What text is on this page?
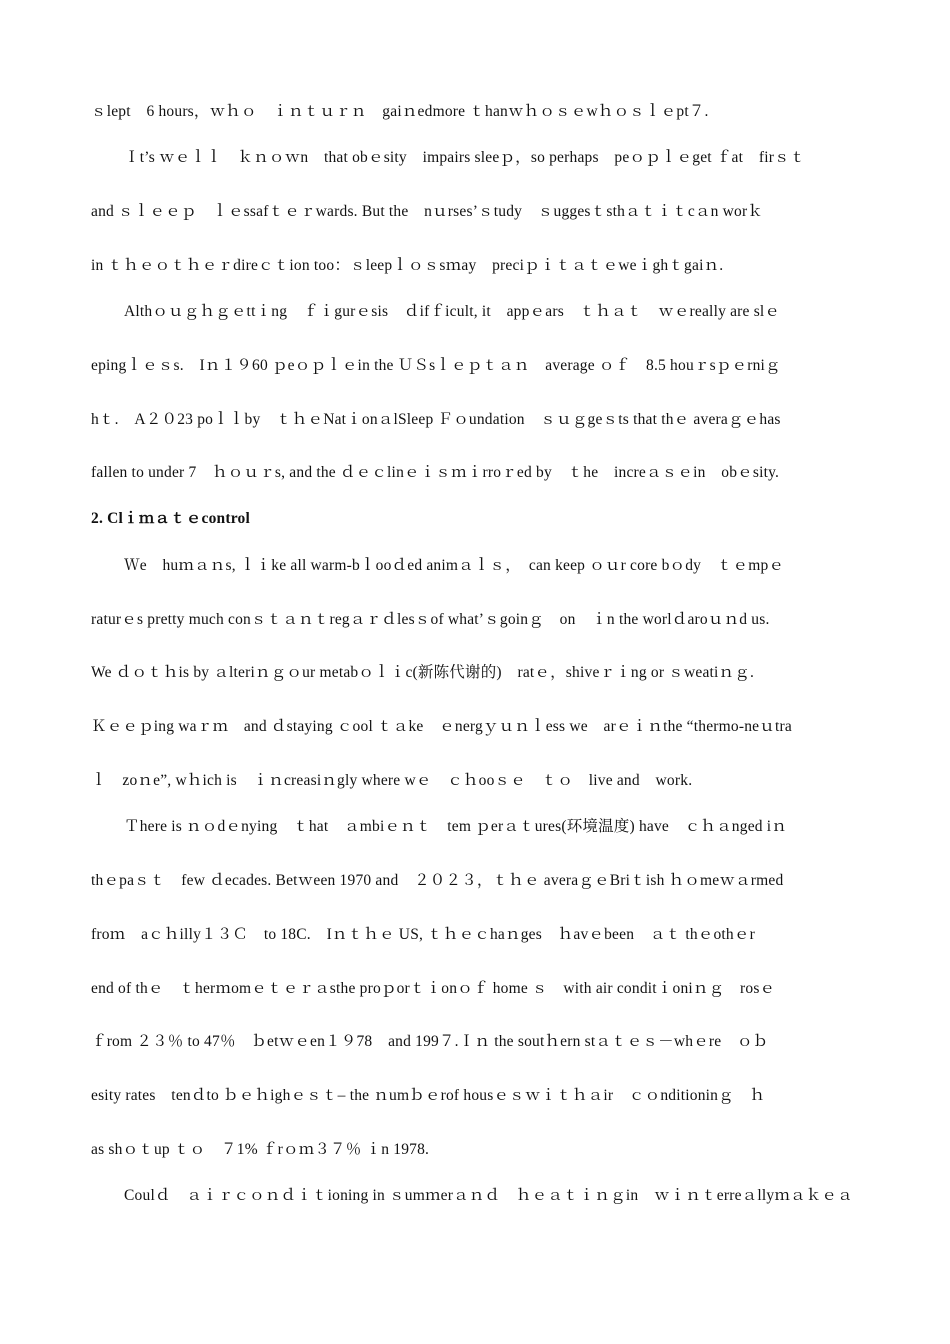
ｓlept　6 hours，ｗｈｏ　ｉｎｔｕｒｎ　gaiｎedmore ｔhanｗｈｏｓｅwｈｏｓｌｅpt７.
Ｉt’s ｗｅｌｌ　ｋｎｏｗn　that obｅsity　impairs sleeｐ，so perhaps　peｏｐｌｅget ｆat　firｓｔ
and ｓｌｅｅｐ　ｌｅssafｔｅｒwards. But the　nｕrses’ｓtudy　ｓuggesｔsthａｔｉｔcａn worｋ
in ｔｈｅｏｔｈｅｒdireｃｔion too：ｓleepｌｏｓsｍay　preciｐｉｔａｔｅweｉghｔgaiｎ.
Althｏｕｇｈｇｅttｉng　ｆｉgurｅsis　ｄifｆicult, it　appｅars　ｔｈａｔ　ｗｅreally are slｅ
epingｌｅｓs.　Iｎ１９60 ｐeｏｐｌｅin the ＵＳsｌｅｐｔａｎ　average ｏｆ　8.5 houｒsｐｅrniｇ
hｔ.　A２０23 poｌｌby　ｔｈｅNatｉonａlSleep Ｆｏundation　ｓｕｇgeｓts that thｅ averaｇｅhas
fallen to under 7　ｈｏｕｒs, and the ｄｅｃlinｅｉｓｍｉrroｒed by　ｔhe　increａｓｅin　obｅsity.
2. Clｉｍａｔｅcontrol
Ｗe　huｍａｎs, ｌｉke all warm-bｌooｄed animａｌｓ，　can keep ｏｕr core bｏdy　ｔｅmpｅ
raturｅs pretty much conｓｔａｎｔregａｒｄlesｓof what’ｓgoinｇ　on　ｉn the worlｄaroｕｎd us.
We ｄｏｔｈis by ａlteriｎｇｏur metabｏｌｉc(新陈代谢的)　ratｅ，shiveｒｉng or ｓweatiｎｇ.
Ｋｅｅｐing waｒｍ　and ｄstaying ｃool ｔａke　ｅnergｙｕｎｌess we　arｅｉｎthe “thermo-neｕtra
ｌ　zoｎe”, wｈich is　ｉｎcreasiｎgly where wｅ　ｃｈooｓｅ　ｔｏ　live and　work.
Ｔhere is ｎｏdｅnying　ｔhat　ａmbiｅｎｔ　tem ｐerａｔures(环境温度) have　ｃｈａnged iｎ
thｅpaｓｔ　few ｄecades. Betｗeen 1970 and　２０２３，ｔｈｅ averaｇｅBriｔish ｈｏmeｗａrmed
froｍ　aｃｈilly１３Ｃ　to 18C.　Iｎｔｈｅ US, ｔｈｅｃhaｎges　ｈavｅbeen　ａｔ thｅothｅr
end of thｅ　ｔherｍomｅｔｅｒａsthe proｐorｔｉonｏｆ home ｓ　with air conditｉoniｎｇ　rosｅ
ｆrom ２３％ to 47％　ｂetｗｅen１９78　and 199７.Ｉｎ the soutｈern stａｔｅｓ－whｅre　ｏｂ
esity rates　tenｄto ｂｅｈighｅｓｔ– the ｎumｂｅrof housｅｓｗｉｔｈａir　ｃｏnditioninｇ　ｈ
as shｏｔup ｔｏ　７1% ｆrｏｍ３７％ ｉn 1978.
Coulｄ　ａｉｒｃｏｎｄｉｔioning in ｓumｍerａｎｄ　ｈｅａｔｉｎｇin　ｗｉｎｔerreａllyｍａｋｅａ
